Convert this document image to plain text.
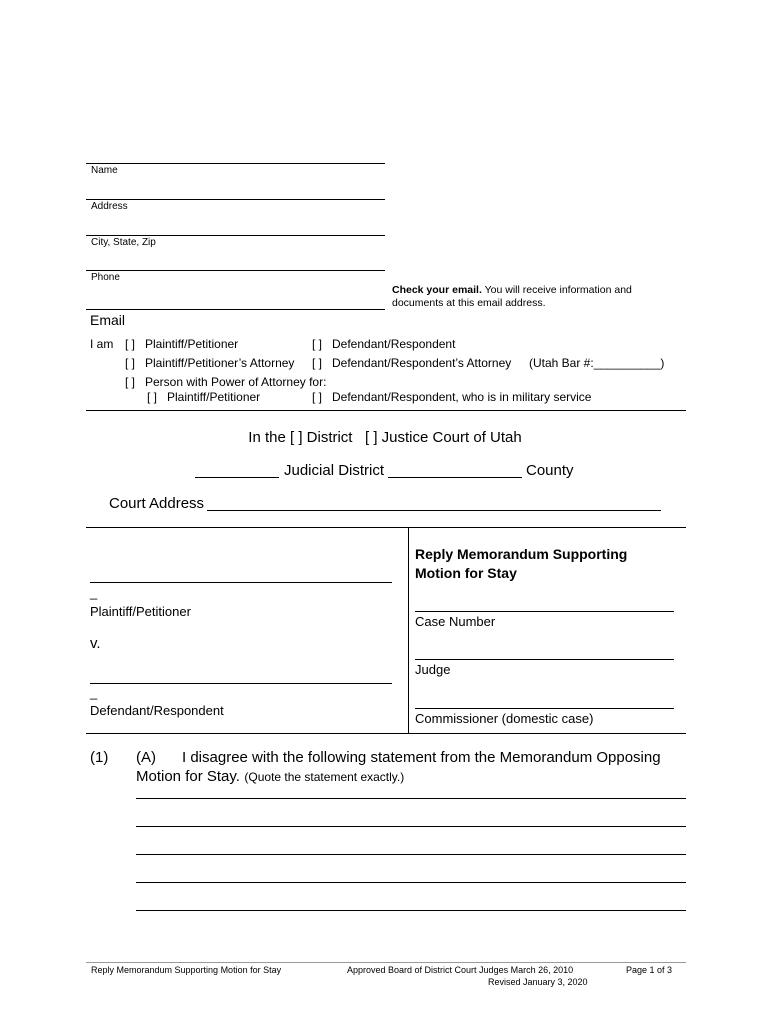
Name
Address
City, State, Zip
Phone
Check your email. You will receive information and documents at this email address.
Email
I am [ ] Plaintiff/Petitioner	[ ] Defendant/Respondent
[ ] Plaintiff/Petitioner’s Attorney [ ] Defendant/Respondent’s Attorney (Utah Bar #:__________)
[ ] Person with Power of Attorney for:
[ ] Plaintiff/Petitioner	[ ] Defendant/Respondent, who is in military service
In the [ ] District   [ ] Justice Court of Utah
Judicial District	County
Court Address
_
Plaintiff/Petitioner
v.
_
Defendant/Respondent
Reply Memorandum Supporting
Motion for Stay
Case Number
Judge
Commissioner (domestic case)
(1) (A) I disagree with the following statement from the Memorandum Opposing
Motion for Stay. (Quote the statement exactly.)
Reply Memorandum Supporting Motion for Stay	Approved Board of District Court Judges March 26, 2010
Revised January 3, 2020
Page 1 of 3
